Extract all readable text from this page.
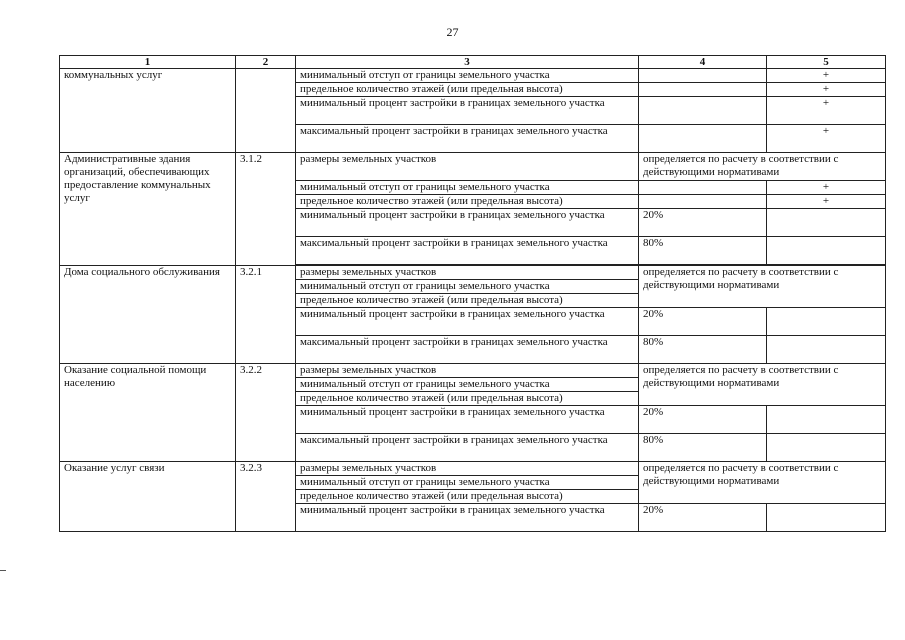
27
1	2	3	4	5
коммунальных услуг		минимальный отступ от границы земельного участка		+
		предельное количество этажей (или предельная высота)		+
		минимальный процент застройки в границах земельного участка		+
		максимальный процент застройки в границах земельного участка		+
Административные здания организаций, обеспечивающих предоставление коммунальных услуг	3.1.2	размеры земельных участков	определяется по расчету в соответствии с действующими нормативами	
		минимальный отступ от границы земельного участка		+
		предельное количество этажей (или предельная высота)		+
		минимальный процент застройки в границах земельного участка	20%	
		максимальный процент застройки в границах земельного участка	80%	

Дома социального обслуживания	3.2.1	размеры земельных участков	определяется по расчету в соответствии с действующими нормативами	
		минимальный отступ от границы земельного участка		
		предельное количество этажей (или предельная высота)		
		минимальный процент застройки в границах земельного участка	20%	
		максимальный процент застройки в границах земельного участка	80%	
Оказание социальной помощи населению	3.2.2	размеры земельных участков	определяется по расчету в соответствии с действующими нормативами	
		минимальный отступ от границы земельного участка		
		предельное количество этажей (или предельная высота)		
		минимальный процент застройки в границах земельного участка	20%	
		максимальный процент застройки в границах земельного участка	80%	
Оказание услуг связи	3.2.3	размеры земельных участков	определяется по расчету в соответствии с действующими нормативами	
		минимальный отступ от границы земельного участка		
		предельное количество этажей (или предельная высота)		
		минимальный процент застройки в границах земельного участка	20%	
